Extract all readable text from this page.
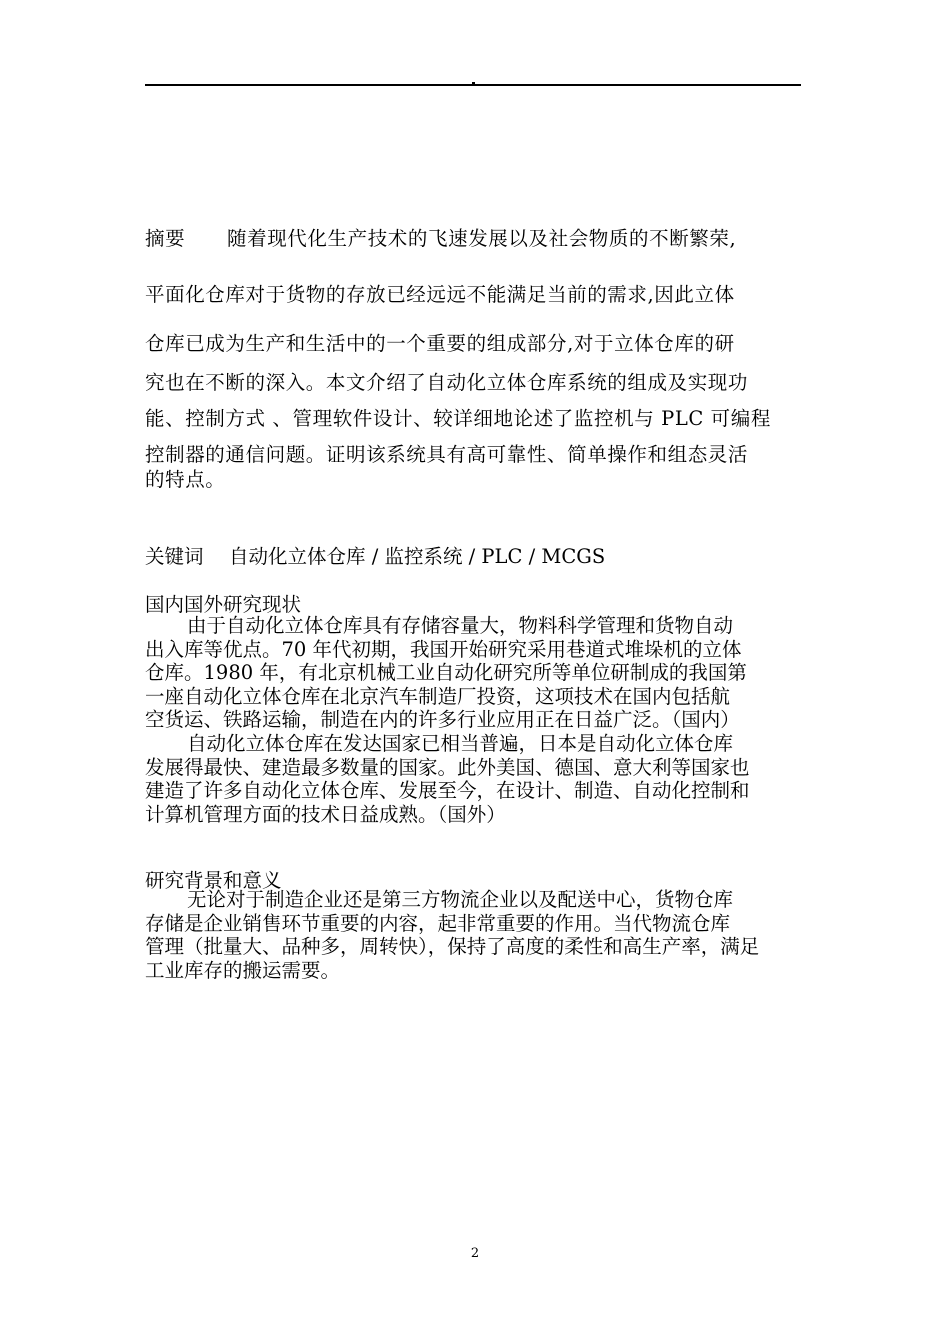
摘要 随着现代化生产技术的飞速发展以及社会物质的不断繁荣,
平面化仓库对于货物的存放已经远远不能满足当前的需求,因此立体
仓库已成为生产和生活中的一个重要的组成部分,对于立体仓库的研
究也在不断的深入。本文介绍了自动化立体仓库系统的组成及实现功
能、控制方式 、管理软件设计、较详细地论述了监控机与 PLC 可编程
控制器的通信问题。证明该系统具有高可靠性、简单操作和组态灵活
的特点。
关键词 自动化立体仓库 / 监控系统 / PLC / MCGS
国内国外研究现状
由于自动化立体仓库具有存储容量大，物料科学管理和货物自动
出入库等优点。70 年代初期，我国开始研究采用巷道式堆垛机的立体
仓库。1980 年，有北京机械工业自动化研究所等单位研制成的我国第
一座自动化立体仓库在北京汽车制造厂投资，这项技术在国内包括航
空货运、铁路运输，制造在内的许多行业应用正在日益广泛。（国内）
自动化立体仓库在发达国家已相当普遍，日本是自动化立体仓库
发展得最快、建造最多数量的国家。此外美国、德国、意大利等国家也
建造了许多自动化立体仓库、发展至今，在设计、制造、自动化控制和
计算机管理方面的技术日益成熟。（国外）
研究背景和意义
无论对于制造企业还是第三方物流企业以及配送中心，货物仓库
存储是企业销售环节重要的内容，起非常重要的作用。当代物流仓库
管理（批量大、品种多，周转快），保持了高度的柔性和高生产率，满足
工业库存的搬运需要。
2
